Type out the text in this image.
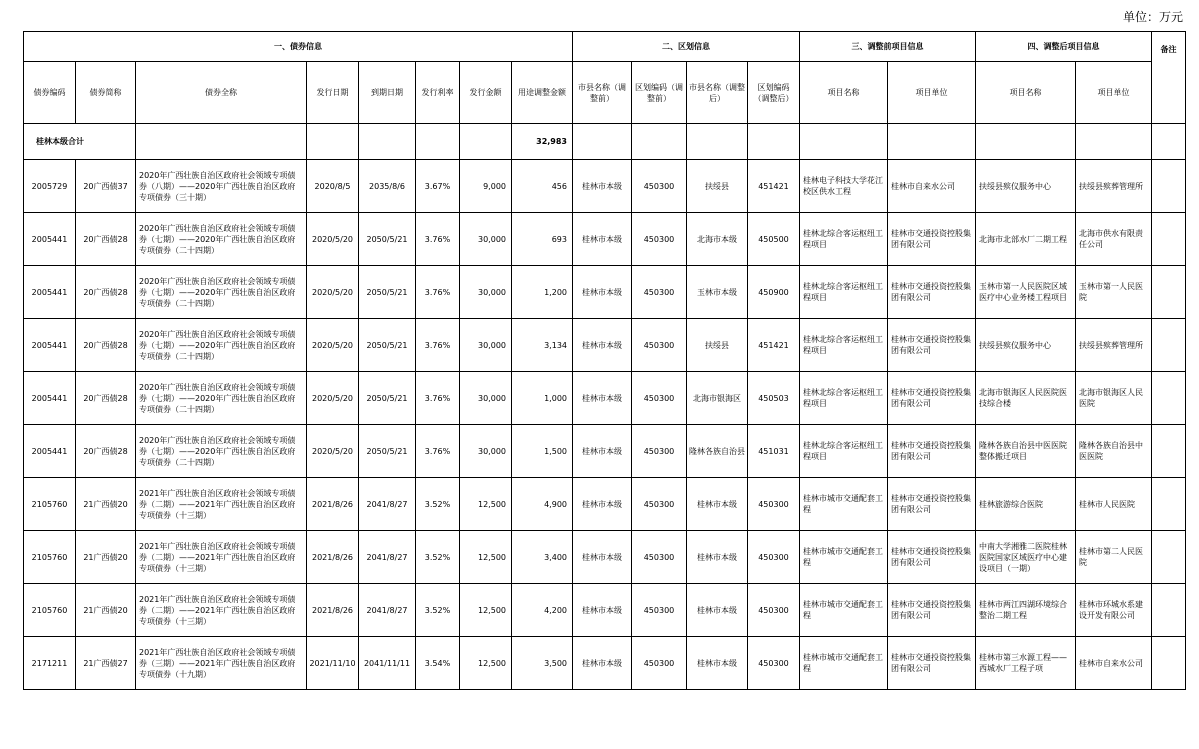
单位：万元
一、债券信息								二、区划信息				三、调整前项目信息		四、调整后项目信息		备注
债券编码	债券简称	债券全称	发行日期	到期日期	发行利率	发行金额	用途调整金额	市县名称（调整前）	区划编码（调整前）	市县名称（调整后）	区划编码（调整后）	项目名称	项目单位	项目名称	项目单位	
桂林本级合计							32,983									
2005729	20广西债37	2020年广西壮族自治区政府社会领域专项债券（八期）——2020年广西壮族自治区政府专项债券（三十期）	2020/8/5	2035/8/6	3.67%	9,000	456	桂林市本级	450300	扶绥县	451421	桂林电子科技大学花江校区供水工程	桂林市自来水公司	扶绥县殡仪服务中心	扶绥县殡葬管理所	
2005441	20广西债28	2020年广西壮族自治区政府社会领域专项债券（七期）——2020年广西壮族自治区政府专项债券（二十四期）	2020/5/20	2050/5/21	3.76%	30,000	693	桂林市本级	450300	北海市本级	450500	桂林北综合客运枢纽工程项目	桂林市交通投资控股集团有限公司	北海市北部水厂二期工程	北海市供水有限责任公司	
2005441	20广西债28	2020年广西壮族自治区政府社会领域专项债券（七期）——2020年广西壮族自治区政府专项债券（二十四期）	2020/5/20	2050/5/21	3.76%	30,000	1,200	桂林市本级	450300	玉林市本级	450900	桂林北综合客运枢纽工程项目	桂林市交通投资控股集团有限公司	玉林市第一人民医院区域医疗中心业务楼工程项目	玉林市第一人民医院	
2005441	20广西债28	2020年广西壮族自治区政府社会领域专项债券（七期）——2020年广西壮族自治区政府专项债券（二十四期）	2020/5/20	2050/5/21	3.76%	30,000	3,134	桂林市本级	450300	扶绥县	451421	桂林北综合客运枢纽工程项目	桂林市交通投资控股集团有限公司	扶绥县殡仪服务中心	扶绥县殡葬管理所	
2005441	20广西债28	2020年广西壮族自治区政府社会领域专项债券（七期）——2020年广西壮族自治区政府专项债券（二十四期）	2020/5/20	2050/5/21	3.76%	30,000	1,000	桂林市本级	450300	北海市银海区	450503	桂林北综合客运枢纽工程项目	桂林市交通投资控股集团有限公司	北海市银海区人民医院医技综合楼	北海市银海区人民医院	
2005441	20广西债28	2020年广西壮族自治区政府社会领域专项债券（七期）——2020年广西壮族自治区政府专项债券（二十四期）	2020/5/20	2050/5/21	3.76%	30,000	1,500	桂林市本级	450300	隆林各族自治县	451031	桂林北综合客运枢纽工程项目	桂林市交通投资控股集团有限公司	隆林各族自治县中医医院整体搬迁项目	隆林各族自治县中医医院	
2105760	21广西债20	2021年广西壮族自治区政府社会领域专项债券（二期）——2021年广西壮族自治区政府专项债券（十三期）	2021/8/26	2041/8/27	3.52%	12,500	4,900	桂林市本级	450300	桂林市本级	450300	桂林市城市交通配套工程	桂林市交通投资控股集团有限公司	桂林旅游综合医院	桂林市人民医院	
2105760	21广西债20	2021年广西壮族自治区政府社会领域专项债券（二期）——2021年广西壮族自治区政府专项债券（十三期）	2021/8/26	2041/8/27	3.52%	12,500	3,400	桂林市本级	450300	桂林市本级	450300	桂林市城市交通配套工程	桂林市交通投资控股集团有限公司	中南大学湘雅二医院桂林医院国家区域医疗中心建设项目（一期）	桂林市第二人民医院	
2105760	21广西债20	2021年广西壮族自治区政府社会领域专项债券（二期）——2021年广西壮族自治区政府专项债券（十三期）	2021/8/26	2041/8/27	3.52%	12,500	4,200	桂林市本级	450300	桂林市本级	450300	桂林市城市交通配套工程	桂林市交通投资控股集团有限公司	桂林市两江四湖环境综合整治二期工程	桂林市环城水系建设开发有限公司	
2171211	21广西债27	2021年广西壮族自治区政府社会领域专项债券（三期）——2021年广西壮族自治区政府专项债券（十九期）	2021/11/10	2041/11/11	3.54%	12,500	3,500	桂林市本级	450300	桂林市本级	450300	桂林市城市交通配套工程	桂林市交通投资控股集团有限公司	桂林市第三水源工程——西城水厂工程子项	桂林市自来水公司	
